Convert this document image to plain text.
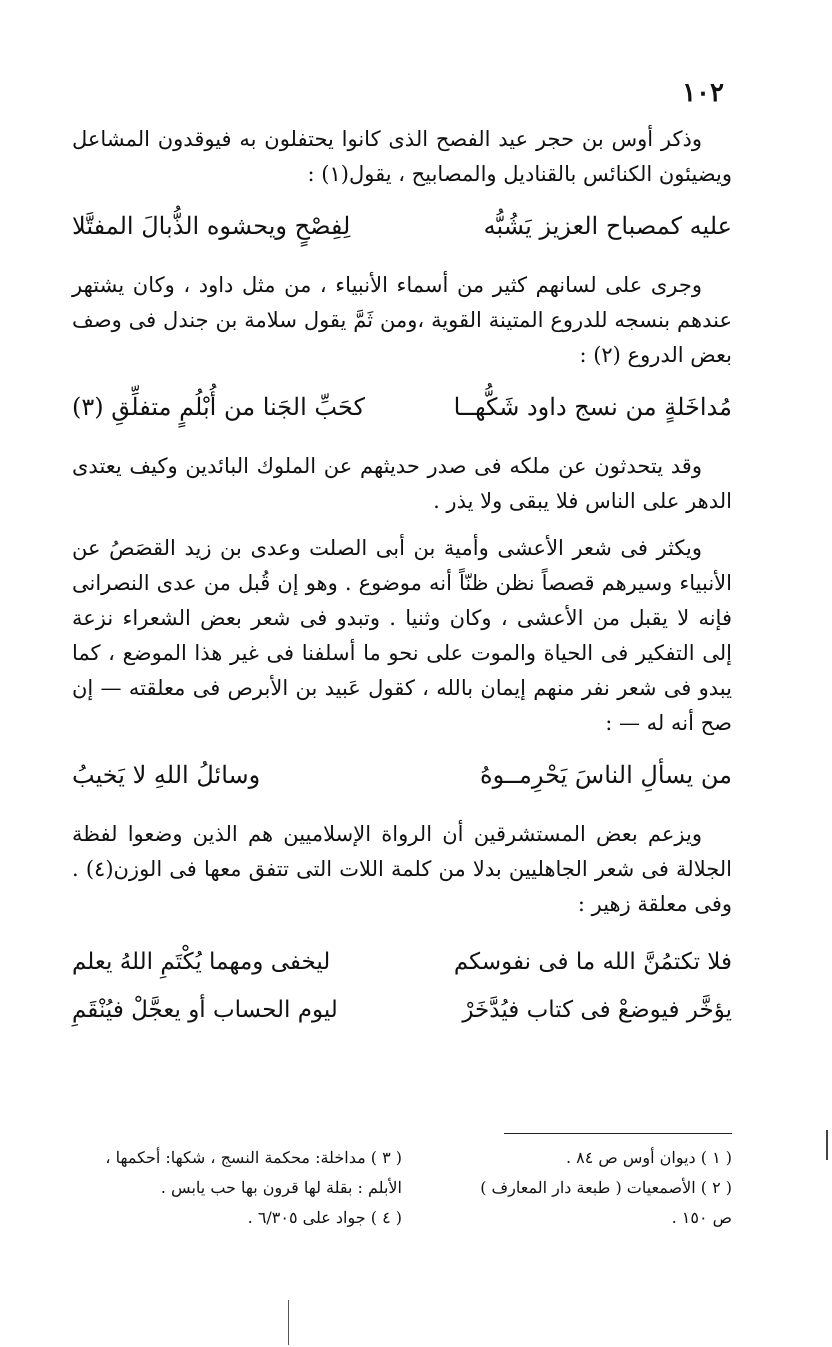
١٠٢

وذكر أوس بن حجر عيد الفصح الذى كانوا يحتفلون به فيوقدون المشاعل ويضيئون الكنائس بالقناديل والمصابيح ، يقول(١) :

عليه كمصباح العزيز يَشُبُّه
لِفِصْحٍ ويحشوه الذُّبالَ المفتَّلا

وجرى على لسانهم كثير من أسماء الأنبياء ، من مثل داود ، وكان يشتهر عندهم بنسجه للدروع المتينة القوية ،ومن ثَمَّ يقول سلامة بن جندل فى وصف بعض الدروع (٢) :

مُداخَلةٍ من نسج داود شَكُّهــا
كحَبِّ الجَنا من أُبْلُمٍ متفلِّقِ (٣)

وقد يتحدثون عن ملكه فى صدر حديثهم عن الملوك البائدين وكيف يعتدى الدهر على الناس فلا يبقى ولا يذر .

ويكثر فى شعر الأعشى وأمية بن أبى الصلت وعدى بن زيد القصَصُ عن الأنبياء وسيرهم قصصاً نظن ظنّاً أنه موضوع . وهو إن قُبل من عدى النصرانى فإنه لا يقبل من الأعشى ، وكان وثنيا . وتبدو فى شعر بعض الشعراء نزعة إلى التفكير فى الحياة والموت على نحو ما أسلفنا فى غير هذا الموضع ، كما يبدو فى شعر نفر منهم إيمان بالله ، كقول عَبيد بن الأبرص فى معلقته — إن صح أنه له — :

من يسألِ الناسَ يَحْرِمــوهُ
وسائلُ اللهِ لا يَخيبُ

ويزعم بعض المستشرقين أن الرواة الإسلاميين هم الذين وضعوا لفظة الجلالة فى شعر الجاهليين بدلا من كلمة اللات التى تتفق معها فى الوزن(٤) . وفى معلقة زهير :

فلا تكتمُنَّ الله ما فى نفوسكم
ليخفى ومهما يُكْتَمِ اللهُ يعلم
يؤخَّر فيوضعْ فى كتاب فيُدَّخَرْ
ليوم الحساب أو يعجَّلْ فيُنْقَمِ
( ١ ) ديوان أوس ص ٨٤ .
( ٢ ) الأصمعيات ( طبعة دار المعارف )
ص ١٥٠ .
( ٣ ) مداخلة: محكمة النسج ، شكها: أحكمها ،
الأبلم : بقلة لها قرون بها حب يابس .
( ٤ ) جواد على ٦/٣٠٥ .
